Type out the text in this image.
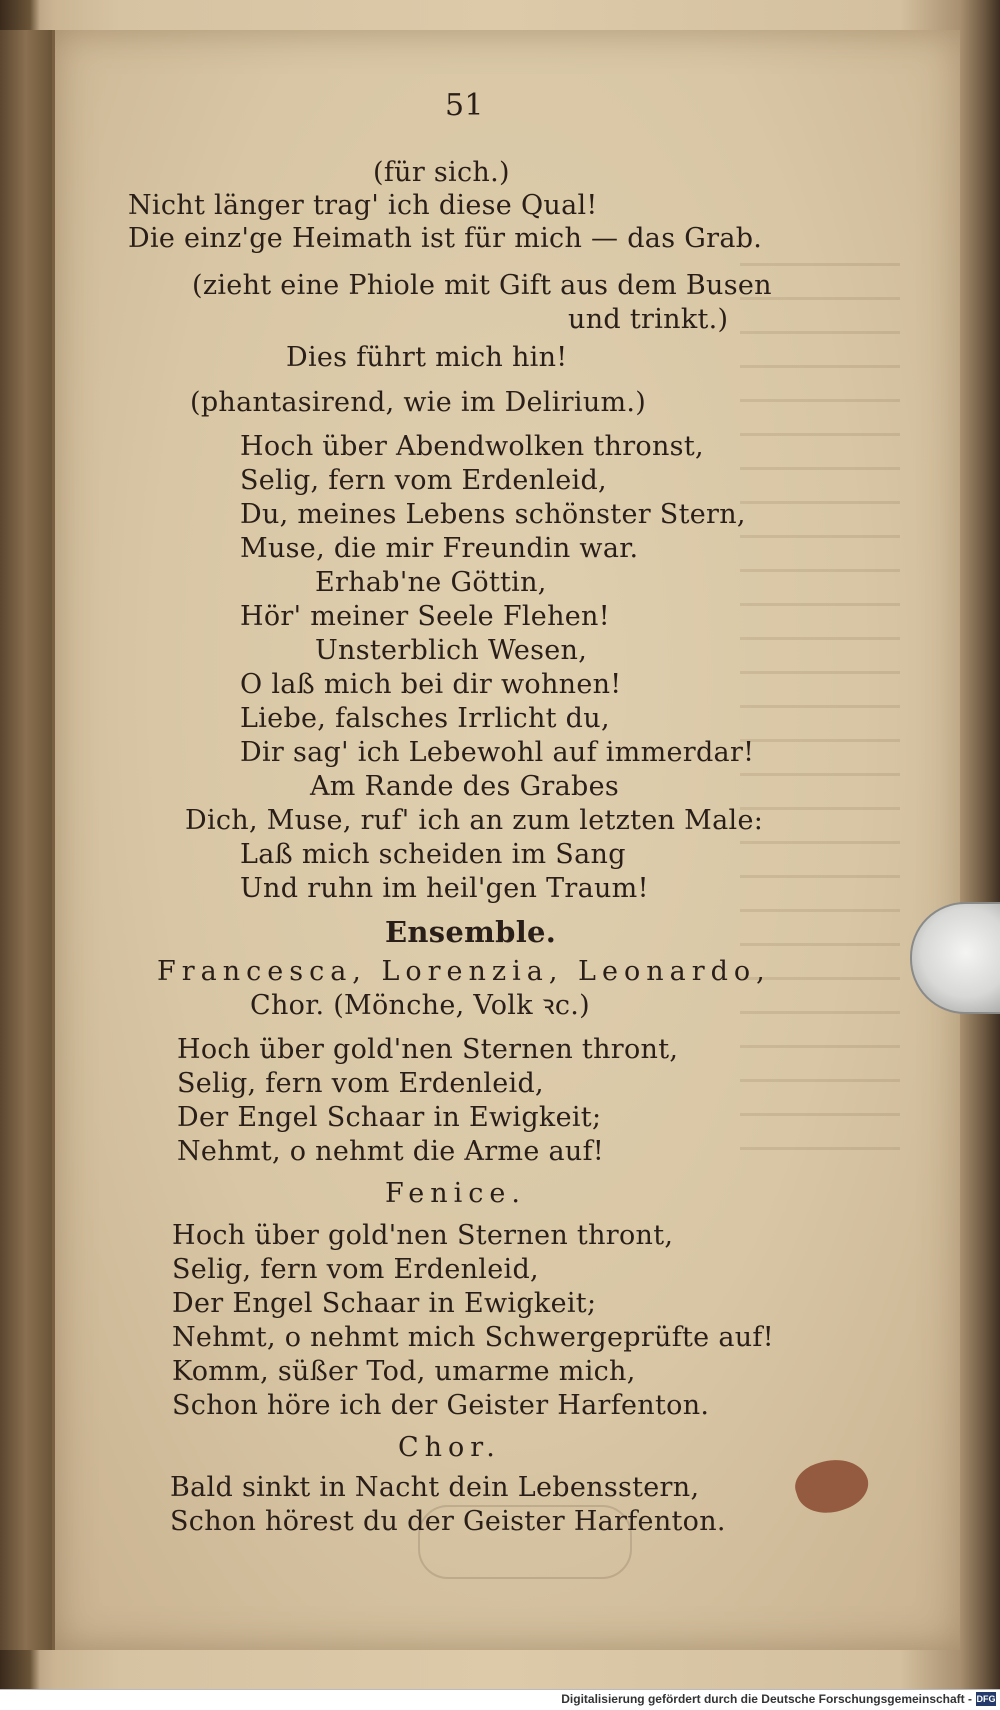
51
(für sich.)
Nicht länger trag' ich diese Qual!
Die einz'ge Heimath ist für mich — das Grab.
(zieht eine Phiole mit Gift aus dem Busen
und trinkt.)
Dies führt mich hin!
(phantasirend, wie im Delirium.)
Hoch über Abendwolken thronst,
Selig, fern vom Erdenleid,
Du, meines Lebens schönster Stern,
Muse, die mir Freundin war.
Erhab'ne Göttin,
Hör' meiner Seele Flehen!
Unsterblich Wesen,
O laß mich bei dir wohnen!
Liebe, falsches Irrlicht du,
Dir sag' ich Lebewohl auf immerdar!
Am Rande des Grabes
Dich, Muse, ruf' ich an zum letzten Male:
Laß mich scheiden im Sang
Und ruhn im heil'gen Traum!
Ensemble.
Francesca, Lorenzia, Leonardo,
Chor. (Mönche, Volk ꝛc.)
Hoch über gold'nen Sternen thront,
Selig, fern vom Erdenleid,
Der Engel Schaar in Ewigkeit;
Nehmt, o nehmt die Arme auf!
Fenice.
Hoch über gold'nen Sternen thront,
Selig, fern vom Erdenleid,
Der Engel Schaar in Ewigkeit;
Nehmt, o nehmt mich Schwergeprüfte auf!
Komm, süßer Tod, umarme mich,
Schon höre ich der Geister Harfenton.
Chor.
Bald sinkt in Nacht dein Lebensstern,
Schon hörest du der Geister Harfenton.
Digitalisierung gefördert durch die Deutsche Forschungsgemeinschaft - DFG
